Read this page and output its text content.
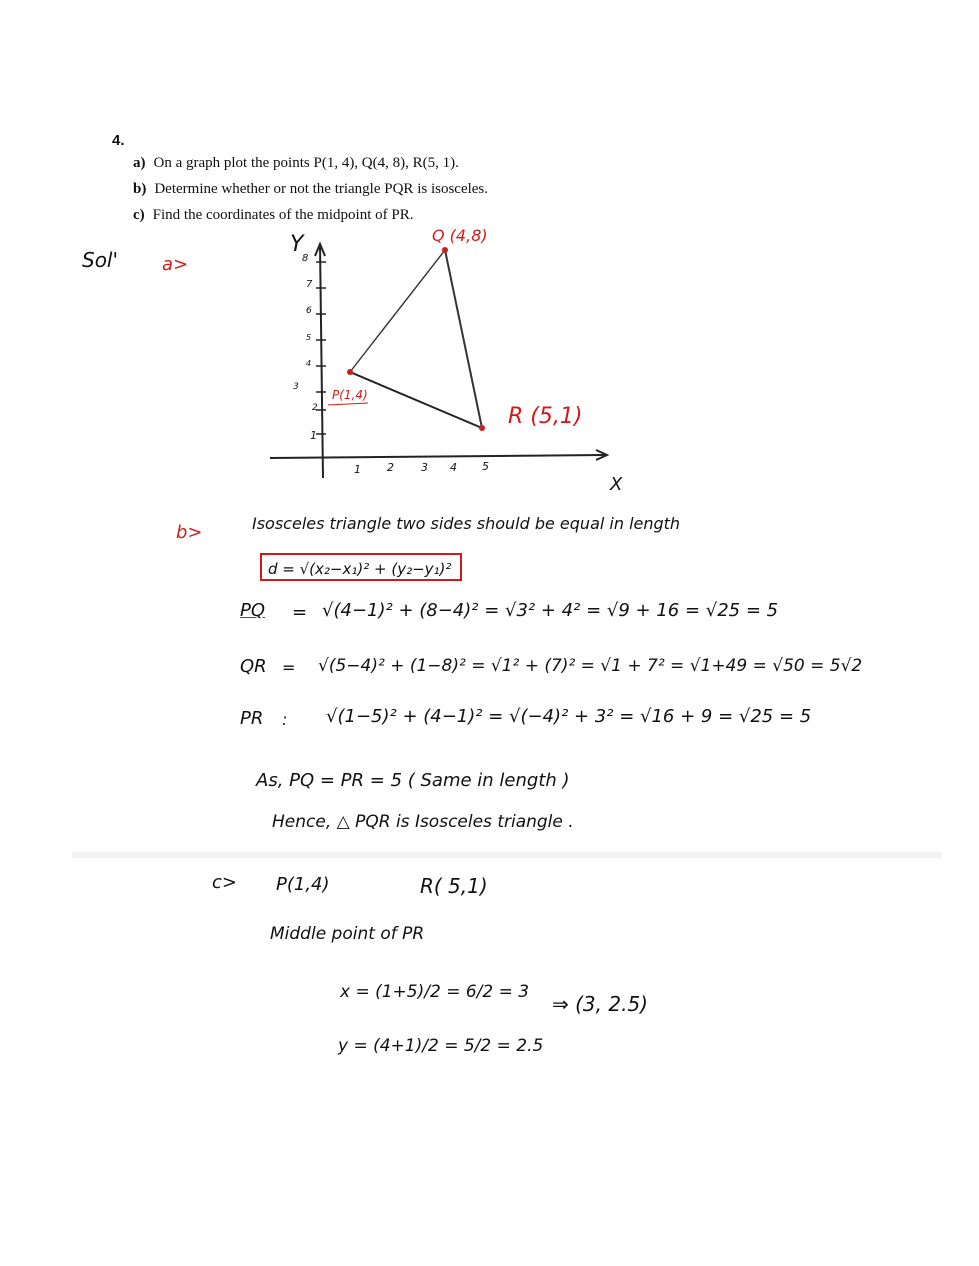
4.
a) On a graph plot the points P(1, 4), Q(4, 8), R(5, 1).
b) Determine whether or not the triangle PQR is isosceles.
c) Find the coordinates of the midpoint of PR.
Sol' a>
Y
X
8
7
6
5
4
3
2
1
1 2 3 4 5
P(1,4)
Q (4,8)
R (5,1)
b>	Isosceles triangle two sides should be equal in length
d = √(x₂−x₁)² + (y₂−y₁)²
PQ = √(4−1)² + (8−4)² = √3² + 4² = √9 + 16 = √25 = 5
QR = √(5−4)² + (1−8)² = √1² + (7)² = √1 + 7² = √1+49 = √50 = 5√2
PR : √(1−5)² + (4−1)² = √(−4)² + 3² = √16 + 9 = √25 = 5
As, PQ = PR = 5 ( Same in length )
Hence, △ PQR is Isosceles triangle .
c> P(1,4)	R( 5,1)
Middle point of PR
x = (1+5)/2 = 6/2 = 3
y = (4+1)/2 = 5/2 = 2.5
⇒ (3, 2.5)
